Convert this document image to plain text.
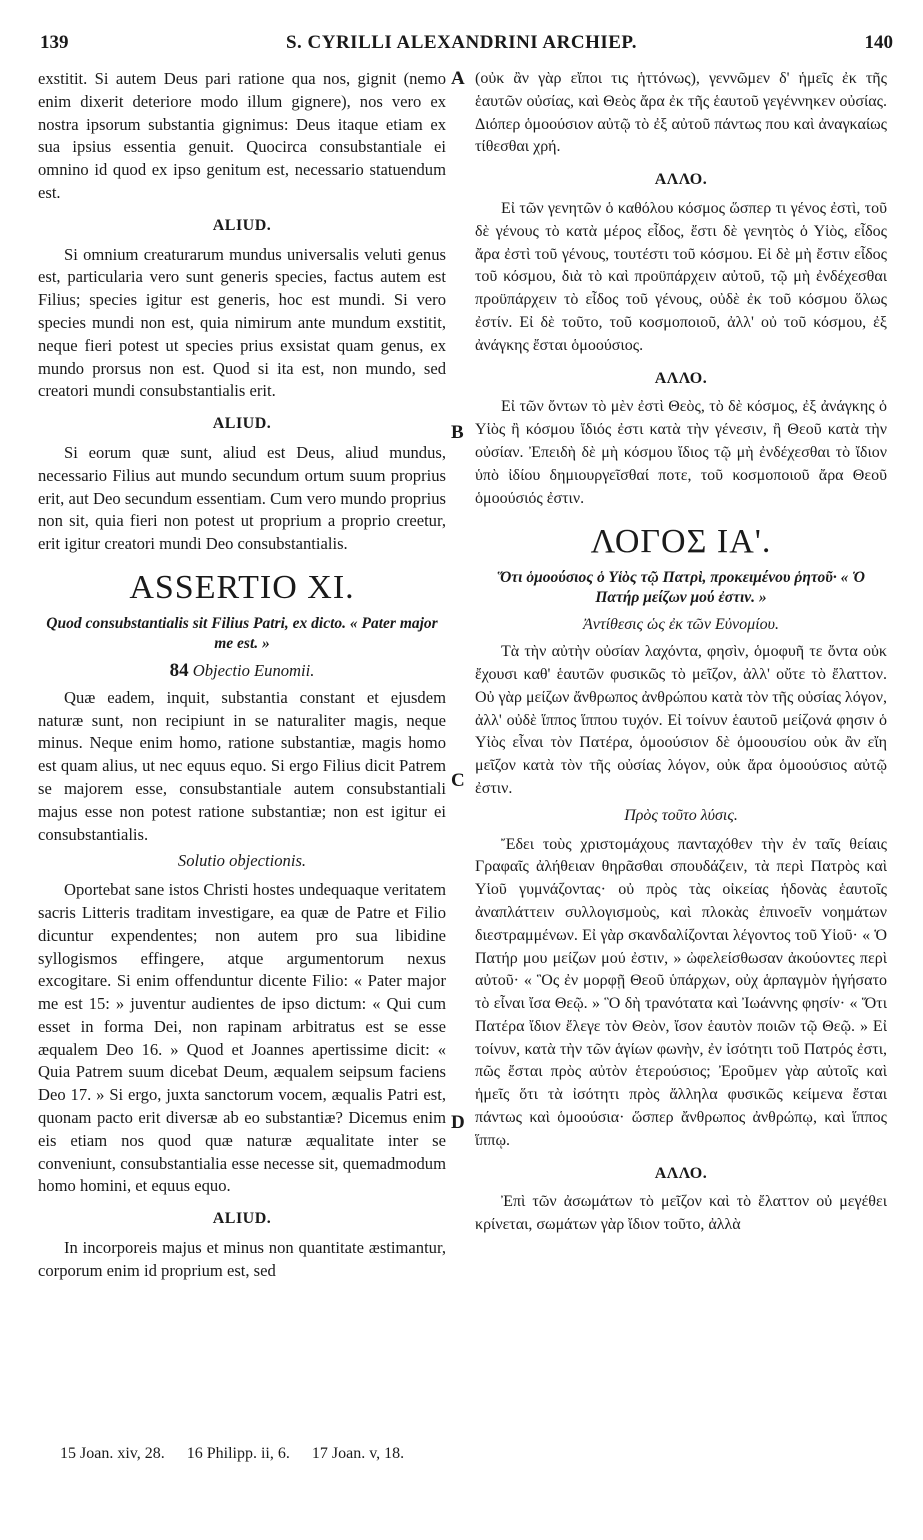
139	S. CYRILLI ALEXANDRINI ARCHIEP.	140

exstitit. Si autem Deus pari ratione qua nos, gignit (nemo enim dixerit deteriore modo illum gignere), nos vero ex nostra ipsorum substantia gignimus: Deus itaque etiam ex sua ipsius essentia genuit. Quocirca consubstantiale ei omnino id quod ex ipso genitum est, necessario statuendum est.

ALIUD.

Si omnium creaturarum mundus universalis veluti genus est, particularia vero sunt generis species, factus autem est Filius; species igitur est generis, hoc est mundi. Si vero species mundi non est, quia nimirum ante mundum exstitit, neque fieri potest ut species prius exsistat quam genus, ex mundo prorsus non est. Quod si ita est, non mundo, sed creatori mundi consubstantialis erit.

ALIUD.

Si eorum quæ sunt, aliud est Deus, aliud mundus, necessario Filius aut mundo secundum ortum suum proprius erit, aut Deo secundum essentiam. Cum vero mundo proprius non sit, quia fieri non potest ut proprium a proprio creetur, erit igitur creatori mundi Deo consubstantialis.

ASSERTIO XI.
Quod consubstantialis sit Filius Patri, ex dicto. « Pater major me est. »
84 Objectio Eunomii.

Quæ eadem, inquit, substantia constant et ejusdem naturæ sunt, non recipiunt in se naturaliter magis, neque minus. Neque enim homo, ratione substantiæ, magis homo est quam alius, ut nec equus equo. Si ergo Filius dicit Patrem se majorem esse, consubstantiale autem consubstantiali majus esse non potest ratione substantiæ; non est igitur ei consubstantialis.

Solutio objectionis.

Oportebat sane istos Christi hostes undequaque veritatem sacris Litteris traditam investigare, ea quæ de Patre et Filio dicuntur expendentes; non autem pro sua libidine syllogismos effingere, atque argumentorum nexus excogitare. Si enim offenduntur dicente Filio: « Pater major me est 15: » juventur audientes de ipso dictum: « Qui cum esset in forma Dei, non rapinam arbitratus est se esse æqualem Deo 16. » Quod et Joannes apertissime dicit: « Quia Patrem suum dicebat Deum, æqualem seipsum faciens Deo 17. » Si ergo, juxta sanctorum vocem, æqualis Patri est, quonam pacto erit diversæ ab eo substantiæ? Dicemus enim eis etiam nos quod quæ naturæ æqualitate inter se conveniunt, consubstantialia esse necesse sit, quemadmodum homo homini, et equus equo.

ALIUD.

In incorporeis majus et minus non quantitate æstimantur, corporum enim id proprium est, sed

A
B
C
D

(οὐκ ἂν γὰρ εἴποι τις ἡττόνως), γεννῶμεν δ' ἡμεῖς ἐκ τῆς ἑαυτῶν οὐσίας, καὶ Θεὸς ἄρα ἐκ τῆς ἑαυτοῦ γεγέννηκεν οὐσίας. Διόπερ ὁμοούσιον αὐτῷ τὸ ἐξ αὐτοῦ πάντως που καὶ ἀναγκαίως τίθεσθαι χρή.

ΑΛΛΟ.

Εἰ τῶν γενητῶν ὁ καθόλου κόσμος ὥσπερ τι γένος ἐστὶ, τοῦ δὲ γένους τὸ κατὰ μέρος εἶδος, ἔστι δὲ γενητὸς ὁ Υἱὸς, εἶδος ἄρα ἐστὶ τοῦ γένους, τουτέστι τοῦ κόσμου. Εἰ δὲ μὴ ἔστιν εἶδος τοῦ κόσμου, διὰ τὸ καὶ προϋπάρχειν αὐτοῦ, τῷ μὴ ἐνδέχεσθαι προϋπάρχειν τὸ εἶδος τοῦ γένους, οὐδὲ ἐκ τοῦ κόσμου ὅλως ἐστίν. Εἰ δὲ τοῦτο, τοῦ κοσμοποιοῦ, ἀλλ' οὐ τοῦ κόσμου, ἐξ ἀνάγκης ἔσται ὁμοούσιος.

ΑΛΛΟ.

Εἰ τῶν ὄντων τὸ μὲν ἐστὶ Θεὸς, τὸ δὲ κόσμος, ἐξ ἀνάγκης ὁ Υἱὸς ἢ κόσμου ἴδιός ἐστι κατὰ τὴν γένεσιν, ἢ Θεοῦ κατὰ τὴν οὐσίαν. Ἐπειδὴ δὲ μὴ κόσμου ἴδιος τῷ μὴ ἐνδέχεσθαι τὸ ἴδιον ὑπὸ ἰδίου δημιουργεῖσθαί ποτε, τοῦ κοσμοποιοῦ ἄρα Θεοῦ ὁμοούσιός ἐστιν.

ΛΟΓΟΣ ΙΑ'.
Ὅτι ὁμοούσιος ὁ Υἱὸς τῷ Πατρὶ, προκειμένου ῥητοῦ· « Ὁ Πατήρ μείζων μού ἐστιν. »
Ἀντίθεσις ὡς ἐκ τῶν Εὐνομίου.

Τὰ τὴν αὐτὴν οὐσίαν λαχόντα, φησὶν, ὁμοφυῆ τε ὄντα οὐκ ἔχουσι καθ' ἑαυτῶν φυσικῶς τὸ μεῖζον, ἀλλ' οὔτε τὸ ἔλαττον. Οὐ γὰρ μείζων ἄνθρωπος ἀνθρώπου κατὰ τὸν τῆς οὐσίας λόγον, ἀλλ' οὐδὲ ἵππος ἵππου τυχόν. Εἰ τοίνυν ἑαυτοῦ μείζονά φησιν ὁ Υἱὸς εἶναι τὸν Πατέρα, ὁμοούσιον δὲ ὁμοουσίου οὐκ ἂν εἴη μεῖζον κατὰ τὸν τῆς οὐσίας λόγον, οὐκ ἄρα ὁμοούσιος αὐτῷ ἐστιν.

Πρὸς τοῦτο λύσις.

Ἔδει τοὺς χριστομάχους πανταχόθεν τὴν ἐν ταῖς θείαις Γραφαῖς ἀλήθειαν θηρᾶσθαι σπουδάζειν, τὰ περὶ Πατρὸς καὶ Υἱοῦ γυμνάζοντας· οὐ πρὸς τὰς οἰκείας ἡδονὰς ἑαυτοῖς ἀναπλάττειν συλλογισμοὺς, καὶ πλοκὰς ἐπινοεῖν νοημάτων διεστραμμένων. Εἰ γὰρ σκανδαλίζονται λέγοντος τοῦ Υἱοῦ· « Ὁ Πατήρ μου μείζων μού ἐστιν, » ὠφελείσθωσαν ἀκούοντες περὶ αὐτοῦ· « Ὃς ἐν μορφῇ Θεοῦ ὑπάρχων, οὐχ ἁρπαγμὸν ἡγήσατο τὸ εἶναι ἴσα Θεῷ. » Ὃ δὴ τρανότατα καὶ Ἰωάννης φησίν· « Ὅτι Πατέρα ἴδιον ἔλεγε τὸν Θεὸν, ἴσον ἑαυτὸν ποιῶν τῷ Θεῷ. » Εἰ τοίνυν, κατὰ τὴν τῶν ἁγίων φωνὴν, ἐν ἰσότητι τοῦ Πατρός ἐστι, πῶς ἔσται πρὸς αὐτὸν ἑτερούσιος; Ἐροῦμεν γὰρ αὐτοῖς καὶ ἡμεῖς ὅτι τὰ ἰσότητι πρὸς ἄλληλα φυσικῶς κείμενα ἔσται πάντως καὶ ὁμοούσια· ὥσπερ ἄνθρωπος ἀνθρώπῳ, καὶ ἵππος ἵππῳ.

ΑΛΛΟ.

Ἐπὶ τῶν ἀσωμάτων τὸ μεῖζον καὶ τὸ ἔλαττον οὐ μεγέθει κρίνεται, σωμάτων γὰρ ἴδιον τοῦτο, ἀλλὰ

15 Joan. xiv, 28. 16 Philipp. ii, 6. 17 Joan. v, 18.
